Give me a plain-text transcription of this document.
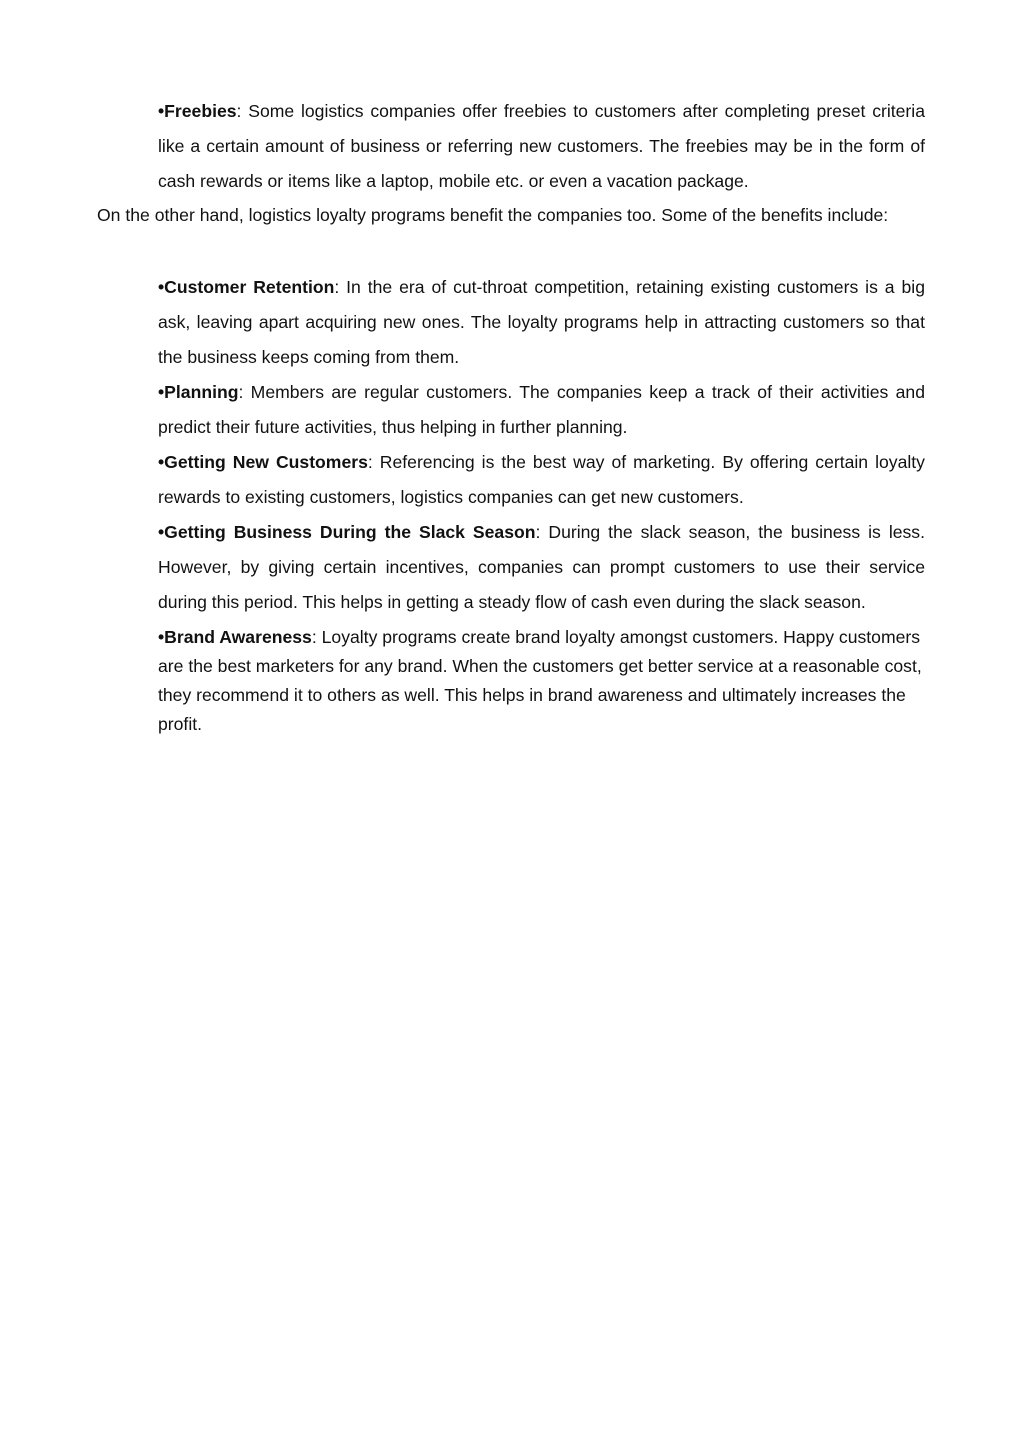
•Freebies: Some logistics companies offer freebies to customers after completing preset criteria like a certain amount of business or referring new customers. The freebies may be in the form of cash rewards or items like a laptop, mobile etc. or even a vacation package.

On the other hand, logistics loyalty programs benefit the companies too. Some of the benefits include:

•Customer Retention: In the era of cut-throat competition, retaining existing customers is a big ask, leaving apart acquiring new ones. The loyalty programs help in attracting customers so that the business keeps coming from them.

•Planning: Members are regular customers. The companies keep a track of their activities and predict their future activities, thus helping in further planning.

•Getting New Customers: Referencing is the best way of marketing. By offering certain loyalty rewards to existing customers, logistics companies can get new customers.

•Getting Business During the Slack Season: During the slack season, the business is less. However, by giving certain incentives, companies can prompt customers to use their service during this period. This helps in getting a steady flow of cash even during the slack season.

•Brand Awareness: Loyalty programs create brand loyalty amongst customers. Happy customers are the best marketers for any brand. When the customers get better service at a reasonable cost, they recommend it to others as well. This helps in brand awareness and ultimately increases the profit.
